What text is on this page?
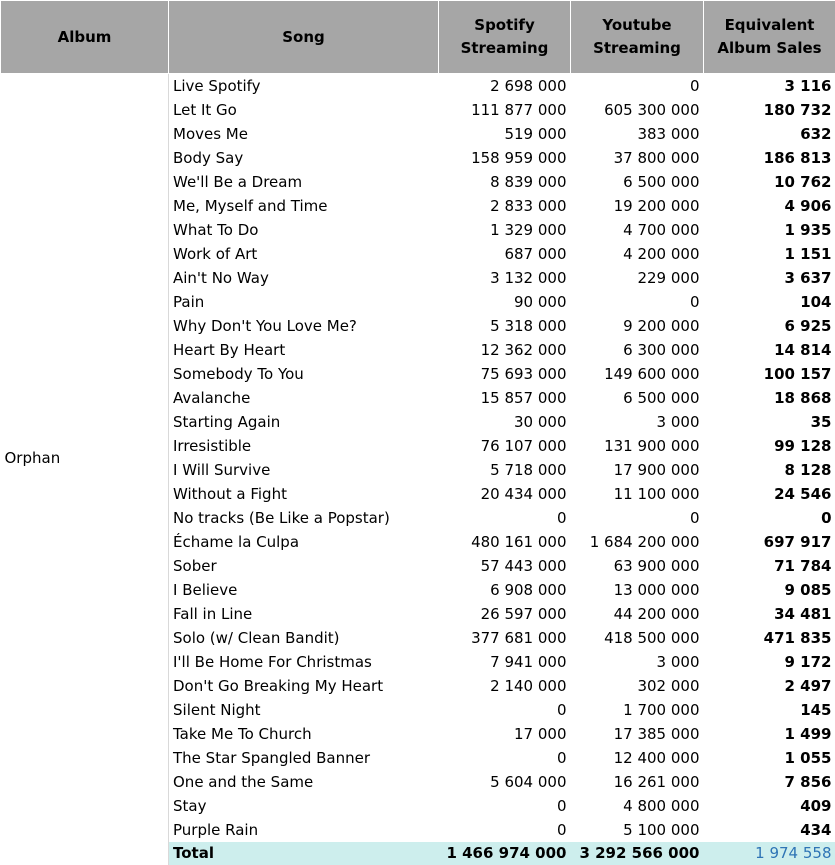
Album	Song	Spotify Streaming	Youtube Streaming	Equivalent Album Sales
Orphan	Live Spotify	2 698 000	0	3 116
	Let It Go	111 877 000	605 300 000	180 732
	Moves Me	519 000	383 000	632
	Body Say	158 959 000	37 800 000	186 813
	We'll Be a Dream	8 839 000	6 500 000	10 762
	Me, Myself and Time	2 833 000	19 200 000	4 906
	What To Do	1 329 000	4 700 000	1 935
	Work of Art	687 000	4 200 000	1 151
	Ain't No Way	3 132 000	229 000	3 637
	Pain	90 000	0	104
	Why Don't You Love Me?	5 318 000	9 200 000	6 925
	Heart By Heart	12 362 000	6 300 000	14 814
	Somebody To You	75 693 000	149 600 000	100 157
	Avalanche	15 857 000	6 500 000	18 868
	Starting Again	30 000	3 000	35
	Irresistible	76 107 000	131 900 000	99 128
	I Will Survive	5 718 000	17 900 000	8 128
	Without a Fight	20 434 000	11 100 000	24 546
	No tracks (Be Like a Popstar)	0	0	0
	Échame la Culpa	480 161 000	1 684 200 000	697 917
	Sober	57 443 000	63 900 000	71 784
	I Believe	6 908 000	13 000 000	9 085
	Fall in Line	26 597 000	44 200 000	34 481
	Solo (w/ Clean Bandit)	377 681 000	418 500 000	471 835
	I'll Be Home For Christmas	7 941 000	3 000	9 172
	Don't Go Breaking My Heart	2 140 000	302 000	2 497
	Silent Night	0	1 700 000	145
	Take Me To Church	17 000	17 385 000	1 499
	The Star Spangled Banner	0	12 400 000	1 055
	One and the Same	5 604 000	16 261 000	7 856
	Stay	0	4 800 000	409
	Purple Rain	0	5 100 000	434
	Total	1 466 974 000	3 292 566 000	1 974 558
